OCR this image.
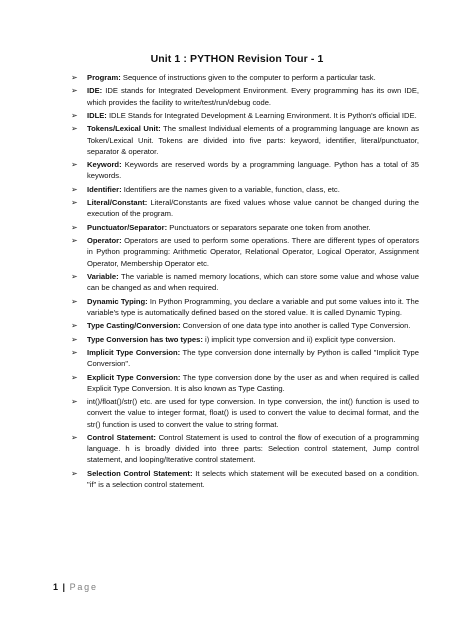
Unit 1 : PYTHON Revision Tour - 1
➢ Program: Sequence of instructions given to the computer to perform a particular task.
➢ IDE: IDE stands for Integrated Development Environment. Every programming has its own IDE, which provides the facility to write/test/run/debug code.
➢ IDLE: IDLE Stands for Integrated Development & Learning Environment. It is Python's official IDE.
➢ Tokens/Lexical Unit: The smallest Individual elements of a programming language are known as Token/Lexical Unit. Tokens are divided into five parts: keyword, identifier, literal/punctuator, separator & operator.
➢ Keyword: Keywords are reserved words by a programming language. Python has a total of 35 keywords.
➢ Identifier: Identifiers are the names given to a variable, function, class, etc.
➢ Literal/Constant: Literal/Constants are fixed values whose value cannot be changed during the execution of the program.
➢ Punctuator/Separator: Punctuators or separators separate one token from another.
➢ Operator: Operators are used to perform some operations. There are different types of operators in Python programming: Arithmetic Operator, Relational Operator, Logical Operator, Assignment Operator, Membership Operator etc.
➢ Variable: The variable is named memory locations, which can store some value and whose value can be changed as and when required.
➢ Dynamic Typing: In Python Programming, you declare a variable and put some values into it. The variable's type is automatically defined based on the stored value. It is called Dynamic Typing.
➢ Type Casting/Conversion: Conversion of one data type into another is called Type Conversion.
➢ Type Conversion has two types: i) implicit type conversion and ii) explicit type conversion.
➢ Implicit Type Conversion: The type conversion done internally by Python is called "Implicit Type Conversion".
➢ Explicit Type Conversion: The type conversion done by the user as and when required is called Explicit Type Conversion. It is also known as Type Casting.
➢ int()/float()/str() etc. are used for type conversion. In type conversion, the int() function is used to convert the value to integer format, float() is used to convert the value to decimal format, and the str() function is used to convert the value to string format.
➢ Control Statement: Control Statement is used to control the flow of execution of a programming language. h is broadly divided into three parts: Selection control statement, Jump control statement, and looping/Iterative control statement.
➢ Selection Control Statement: It selects which statement will be executed based on a condition. "if" is a selection control statement.
1 | Page
